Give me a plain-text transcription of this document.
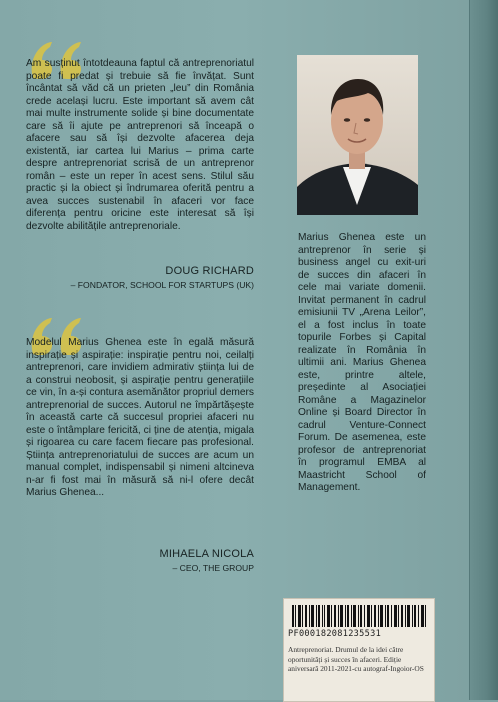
Am susținut întotdeauna faptul că antreprenoriatul poate fi predat și trebuie să fie învățat. Sunt încântat să văd că un prieten „leu” din România crede același lucru. Este important să avem cât mai multe instrumente solide și bine documentate care să îi ajute pe antreprenori să înceapă o afacere sau să își dezvolte afacerea deja existentă, iar cartea lui Marius – prima carte despre antreprenoriat scrisă de un antreprenor român – este un reper în acest sens. Stilul său practic și la obiect și îndrumarea oferită pentru a avea succes sustenabil în afaceri vor face diferența pentru oricine este interesat să își dezvolte abilitățile antreprenoriale.

DOUG RICHARD
– FONDATOR, SCHOOL FOR STARTUPS (UK)

Modelul Marius Ghenea este în egală măsură inspirație și aspirație: inspirație pentru noi, ceilalți antreprenori, care invidiem admirativ știința lui de a construi neobosit, și aspirație pentru generațiile ce vin, în a-și contura asemănător propriul demers antreprenorial de succes. Autorul ne împărtășește în această carte că succesul propriei afaceri nu este o întâmplare fericită, ci ține de atenția, migala și rigoarea cu care facem fiecare pas profesional. Știința antreprenoriatului de succes are acum un manual complet, indispensabil și nimeni altcineva n-ar fi fost mai în măsură să ni-l ofere decât Marius Ghenea...

MIHAELA NICOLA
– CEO, THE GROUP

Marius Ghenea este un antreprenor în serie și business angel cu exit-uri de succes din afaceri în cele mai variate domenii. Invitat permanent în cadrul emisiunii TV „Arena Leilor”, el a fost inclus în toate topurile Forbes și Capital realizate în România în ultimii ani. Marius Ghenea este, printre altele, președinte al Asociației Române a Magazinelor Online și Board Director în cadrul Venture-Connect Forum. De asemenea, este profesor de antreprenoriat în programul EMBA al Maastricht School of Management.

PF000182081235531

Antreprenoriat. Drumul de la idei către oportunități și succes în afaceri. Ediție aniversară 2011-2021-cu autograf-Ingoior-OS
